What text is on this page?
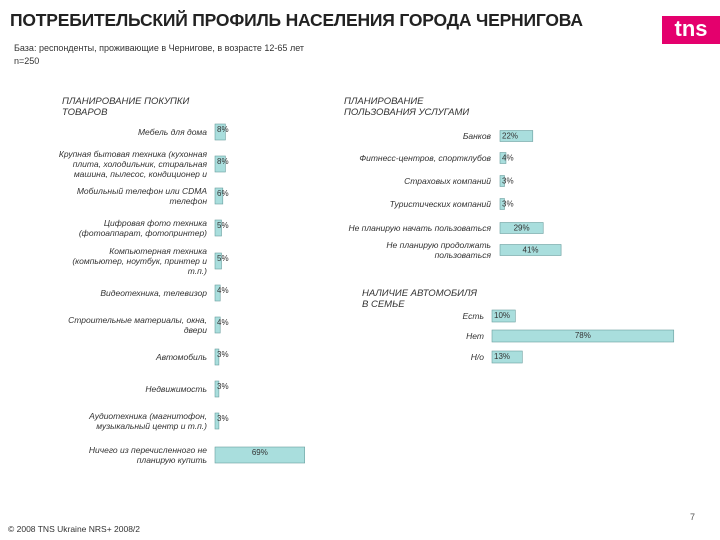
ПОТРЕБИТЕЛЬСКИЙ ПРОФИЛЬ НАСЕЛЕНИЯ ГОРОДА ЧЕРНИГОВА	tns
База: респонденты, проживающие в Чернигове, в возрасте 12-65 лет
n=250
ПЛАНИРОВАНИЕ ПОКУПКИ
ТОВАРОВ
ПЛАНИРОВАНИЕ
ПОЛЬЗОВАНИЯ УСЛУГАМИ
НАЛИЧИЕ АВТОМОБИЛЯ
В СЕМЬЕ
8%
Мебель для дома
8%
Крупная бытовая техника (кухонная плита, холодильник, стиральная машина, пылесос, кондиционер и
6%
Мобильный телефон или CDMA телефон
5%
Цифровая фото техника (фотоаппарат, фотопринтер)
5%
Компьютерная техника (компьютер, ноутбук, принтер и т.п.)
4%
Видеотехника, телевизор
4%
Строительные материалы, окна, двери
3%
Автомобиль
3%
Недвижимость
3%
Аудиотехника (магнитофон, музыкальный центр и т.п.)
69%
Ничего из перечисленного не планирую купить
22%
Банков
4%
Фитнесс-центров, спортклубов
3%
Страховых компаний
3%
Туристических компаний
29%
Не планирую начать пользоваться
41%
Не планирую продолжать пользоваться
10%
Есть
78%
Нет
13%
Н/о
© 2008 TNS Ukraine NRS+ 2008/2
7
